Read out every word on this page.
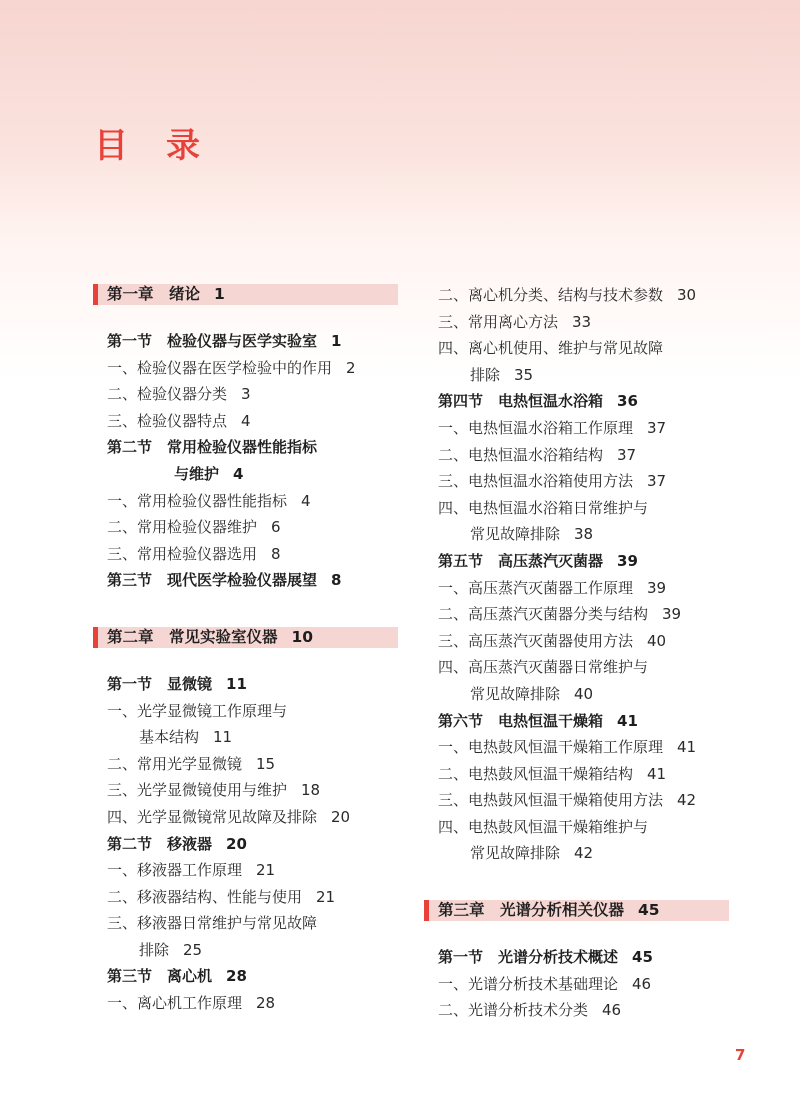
目　录
第一章　绪论 1
第一节　检验仪器与医学实验室 1
一、检验仪器在医学检验中的作用 2
二、检验仪器分类 3
三、检验仪器特点 4
第二节　常用检验仪器性能指标
与维护 4
一、常用检验仪器性能指标 4
二、常用检验仪器维护 6
三、常用检验仪器选用 8
第三节　现代医学检验仪器展望 8
第二章　常见实验室仪器 10
第一节　显微镜 11
一、光学显微镜工作原理与
基本结构 11
二、常用光学显微镜 15
三、光学显微镜使用与维护 18
四、光学显微镜常见故障及排除 20
第二节　移液器 20
一、移液器工作原理 21
二、移液器结构、性能与使用 21
三、移液器日常维护与常见故障
排除 25
第三节　离心机 28
一、离心机工作原理 28
二、离心机分类、结构与技术参数 30
三、常用离心方法 33
四、离心机使用、维护与常见故障
排除 35
第四节　电热恒温水浴箱 36
一、电热恒温水浴箱工作原理 37
二、电热恒温水浴箱结构 37
三、电热恒温水浴箱使用方法 37
四、电热恒温水浴箱日常维护与
常见故障排除 38
第五节　高压蒸汽灭菌器 39
一、高压蒸汽灭菌器工作原理 39
二、高压蒸汽灭菌器分类与结构 39
三、高压蒸汽灭菌器使用方法 40
四、高压蒸汽灭菌器日常维护与
常见故障排除 40
第六节　电热恒温干燥箱 41
一、电热鼓风恒温干燥箱工作原理 41
二、电热鼓风恒温干燥箱结构 41
三、电热鼓风恒温干燥箱使用方法 42
四、电热鼓风恒温干燥箱维护与
常见故障排除 42
第三章　光谱分析相关仪器 45
第一节　光谱分析技术概述 45
一、光谱分析技术基础理论 46
二、光谱分析技术分类 46
7
